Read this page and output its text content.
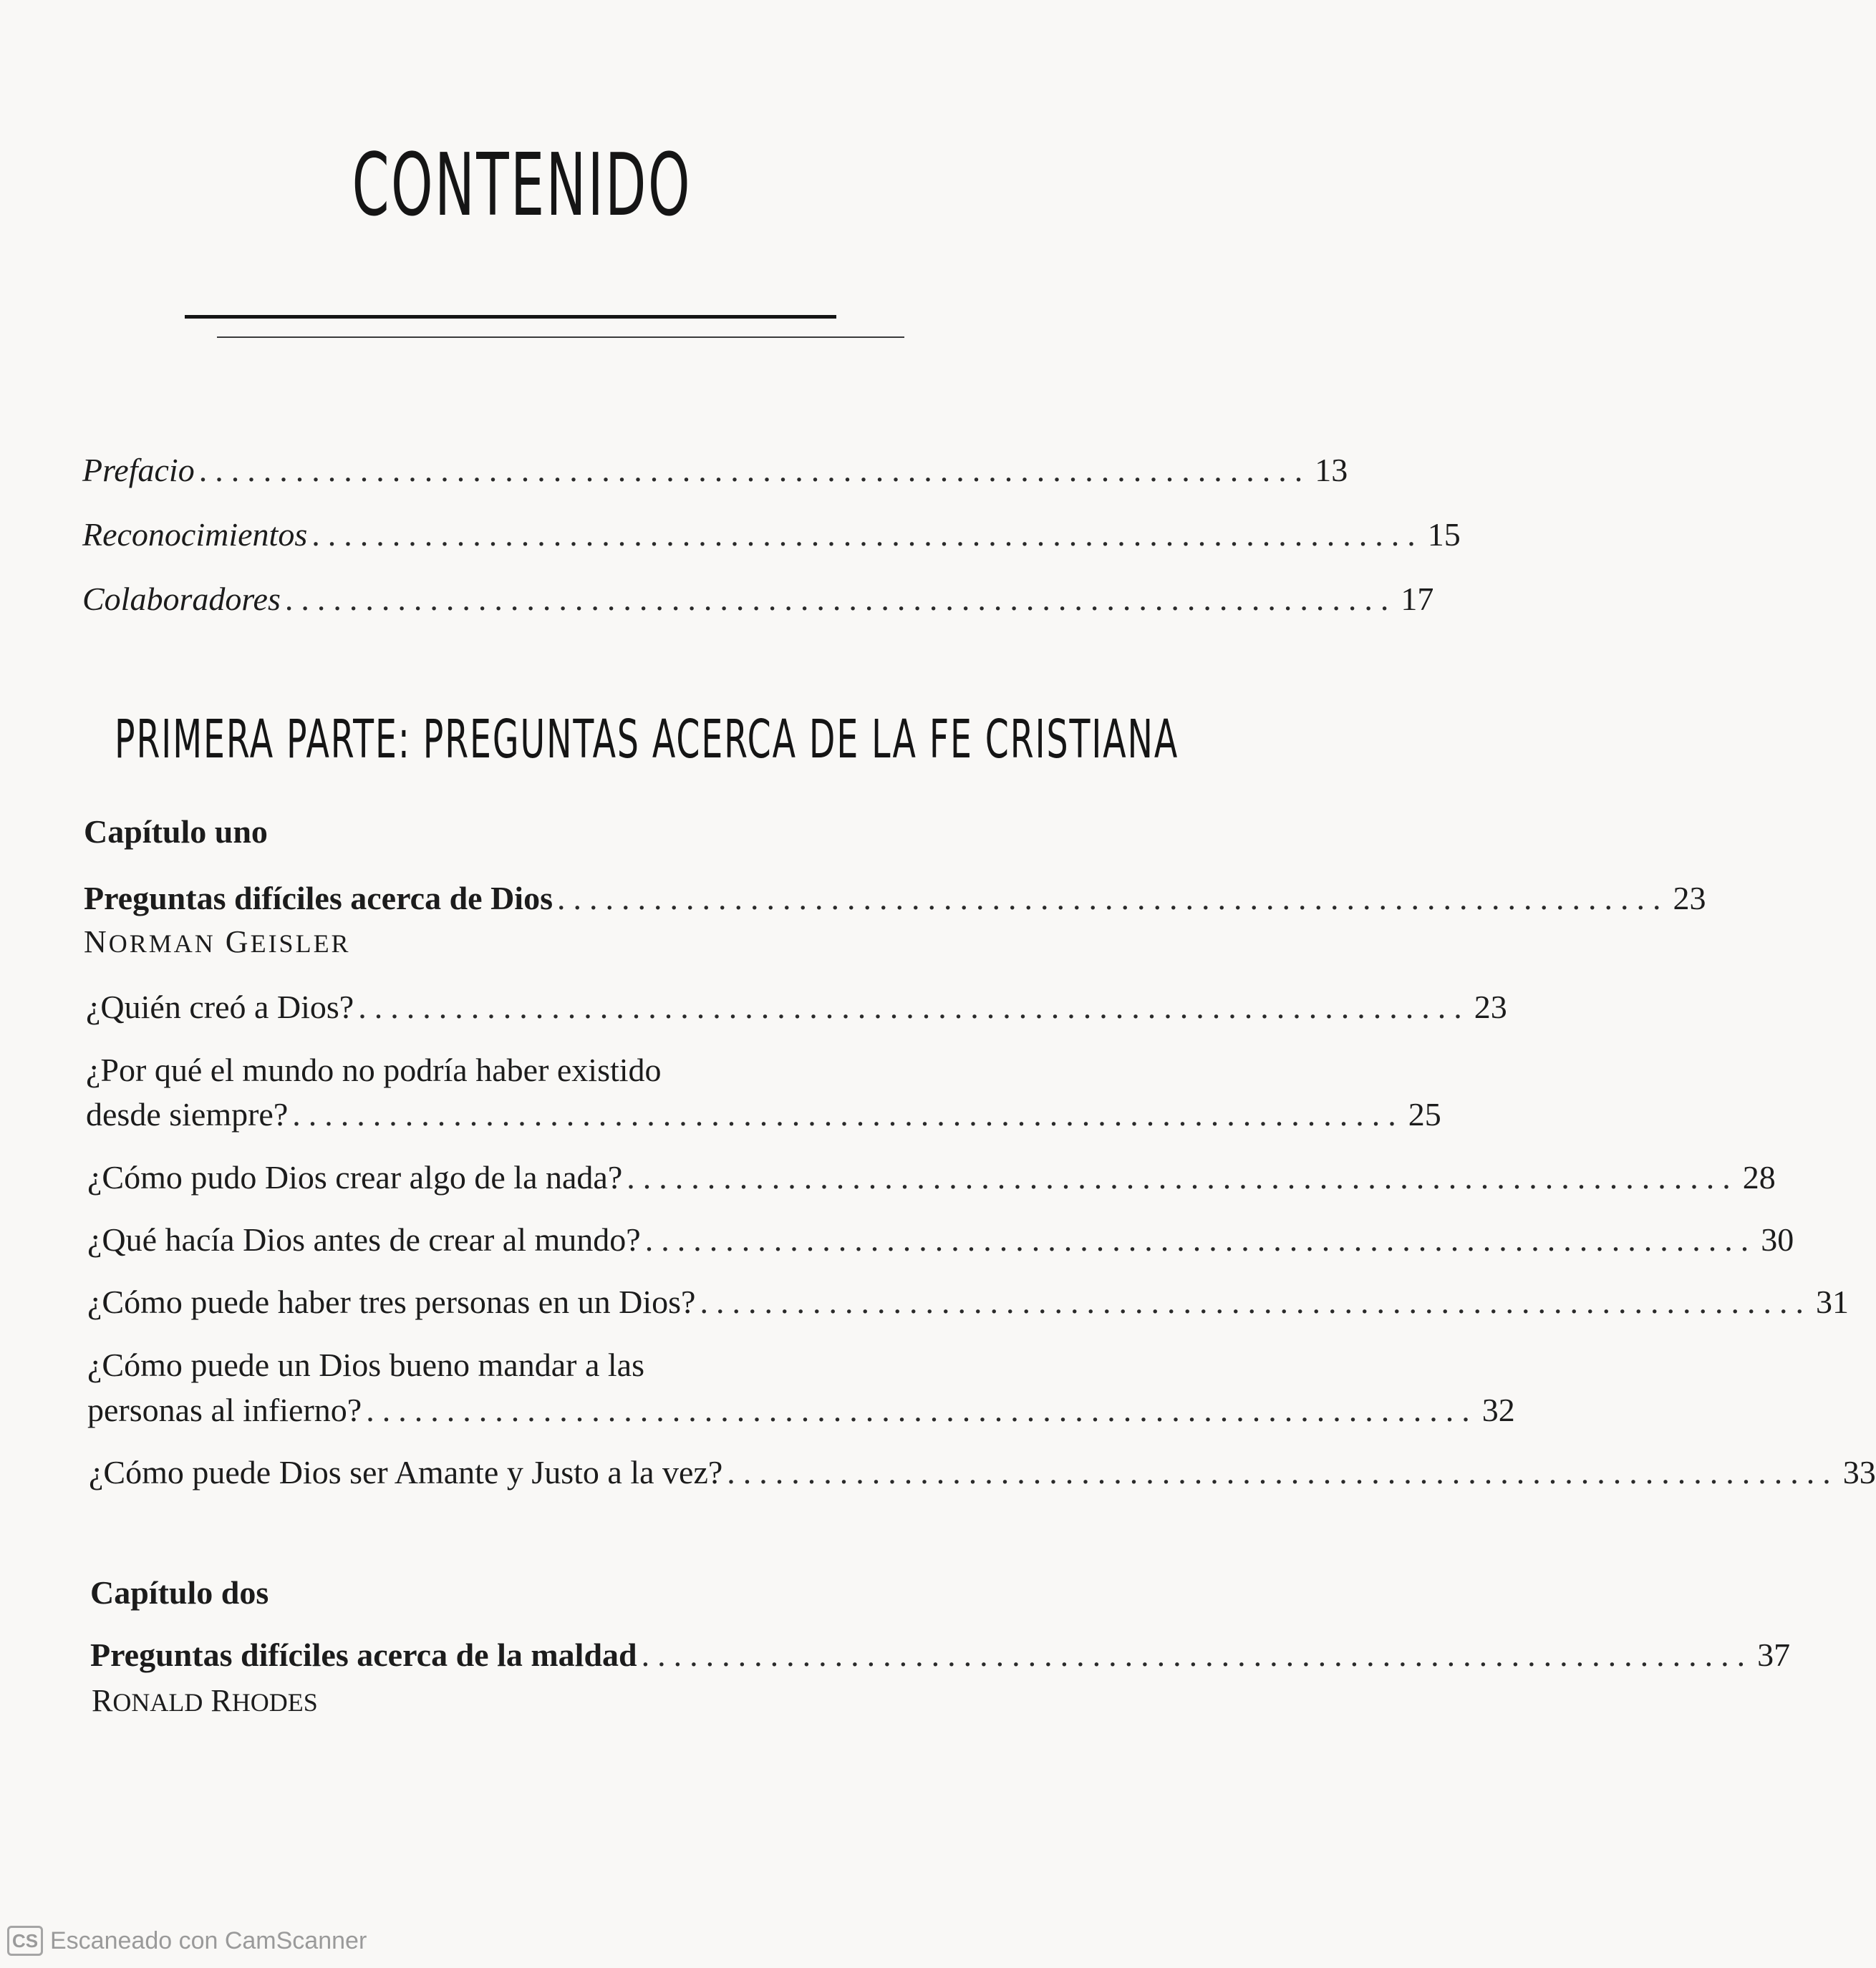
CONTENIDO
Prefacio ..................................................................... 13
Reconocimientos ..................................................................... 15
Colaboradores ..................................................................... 17
PRIMERA PARTE: PREGUNTAS ACERCA DE LA FE CRISTIANA
Capítulo uno
Preguntas difíciles acerca de Dios ..................................................................... 23
NORMAN GEISLER
¿Quién creó a Dios? ..................................................................... 23
¿Por qué el mundo no podría haber existido
desde siempre? ..................................................................... 25
¿Cómo pudo Dios crear algo de la nada? ..................................................................... 28
¿Qué hacía Dios antes de crear al mundo? ..................................................................... 30
¿Cómo puede haber tres personas en un Dios? ..................................................................... 31
¿Cómo puede un Dios bueno mandar a las
personas al infierno? ..................................................................... 32
¿Cómo puede Dios ser Amante y Justo a la vez? ..................................................................... 33
Capítulo dos
Preguntas difíciles acerca de la maldad ..................................................................... 37
RONALD RHODES
CS Escaneado con CamScanner
